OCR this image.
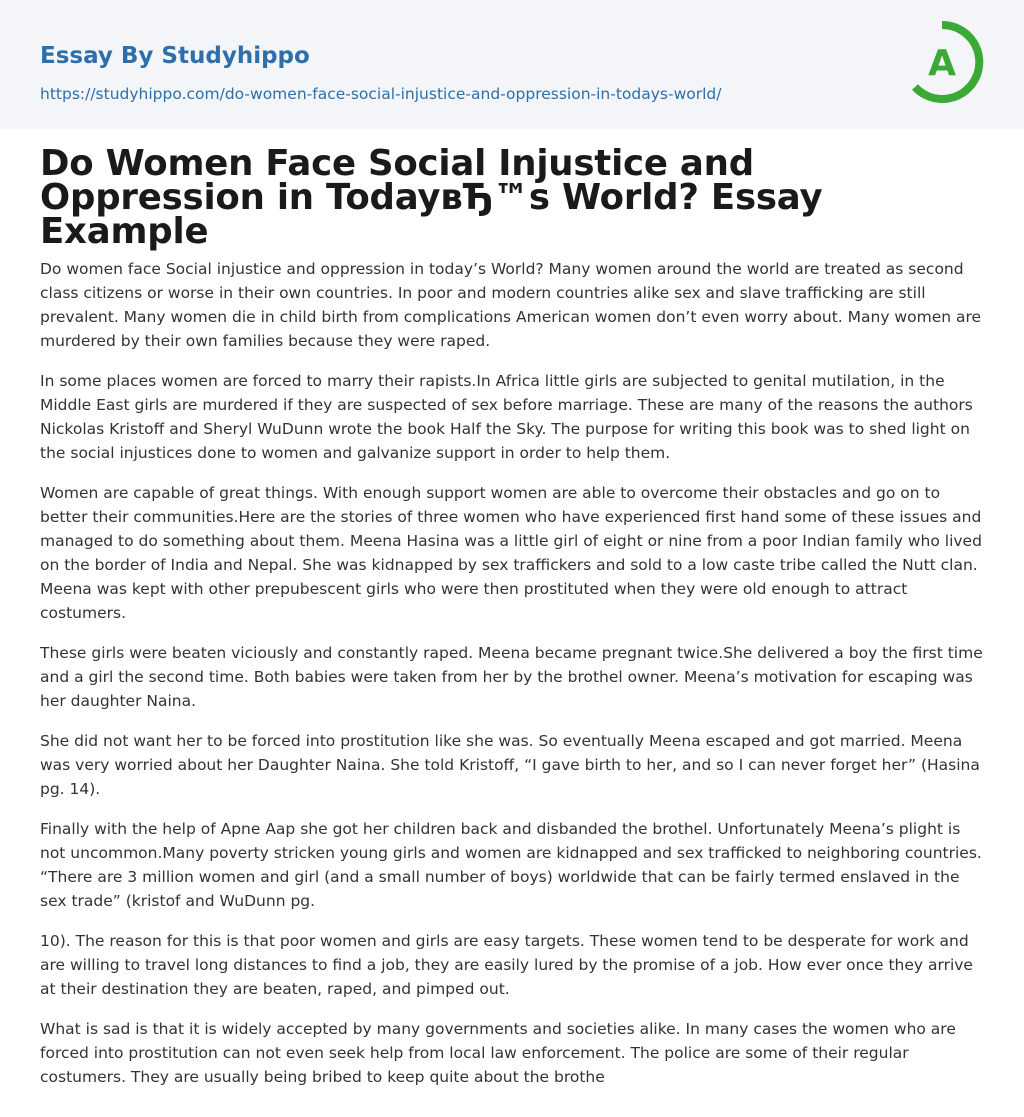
Essay By Studyhippo
https://studyhippo.com/do-women-face-social-injustice-and-oppression-in-todays-world/
A
Do Women Face Social Injustice and Oppression in TodayвЂ™s World? Essay Example

Do women face Social injustice and oppression in today’s World? Many women around the world are treated as second class citizens or worse in their own countries. In poor and modern countries alike sex and slave trafficking are still prevalent. Many women die in child birth from complications American women don’t even worry about. Many women are murdered by their own families because they were raped.

In some places women are forced to marry their rapists.In Africa little girls are subjected to genital mutilation, in the Middle East girls are murdered if they are suspected of sex before marriage. These are many of the reasons the authors Nickolas Kristoff and Sheryl WuDunn wrote the book Half the Sky. The purpose for writing this book was to shed light on the social injustices done to women and galvanize support in order to help them.

Women are capable of great things. With enough support women are able to overcome their obstacles and go on to better their communities.Here are the stories of three women who have experienced first hand some of these issues and managed to do something about them. Meena Hasina was a little girl of eight or nine from a poor Indian family who lived on the border of India and Nepal. She was kidnapped by sex traffickers and sold to a low caste tribe called the Nutt clan. Meena was kept with other prepubescent girls who were then prostituted when they were old enough to attract costumers.

These girls were beaten viciously and constantly raped. Meena became pregnant twice.She delivered a boy the first time and a girl the second time. Both babies were taken from her by the brothel owner. Meena’s motivation for escaping was her daughter Naina.

She did not want her to be forced into prostitution like she was. So eventually Meena escaped and got married. Meena was very worried about her Daughter Naina. She told Kristoff, “I gave birth to her, and so I can never forget her” (Hasina pg. 14).

Finally with the help of Apne Aap she got her children back and disbanded the brothel. Unfortunately Meena’s plight is not uncommon.Many poverty stricken young girls and women are kidnapped and sex trafficked to neighboring countries. “There are 3 million women and girl (and a small number of boys) worldwide that can be fairly termed enslaved in the sex trade” (kristof and WuDunn pg.

10). The reason for this is that poor women and girls are easy targets. These women tend to be desperate for work and are willing to travel long distances to find a job, they are easily lured by the promise of a job. How ever once they arrive at their destination they are beaten, raped, and pimped out.

What is sad is that it is widely accepted by many governments and societies alike. In many cases the women who are forced into prostitution can not even seek help from local law enforcement. The police are some of their regular costumers. They are usually being bribed to keep quite about the brothe
